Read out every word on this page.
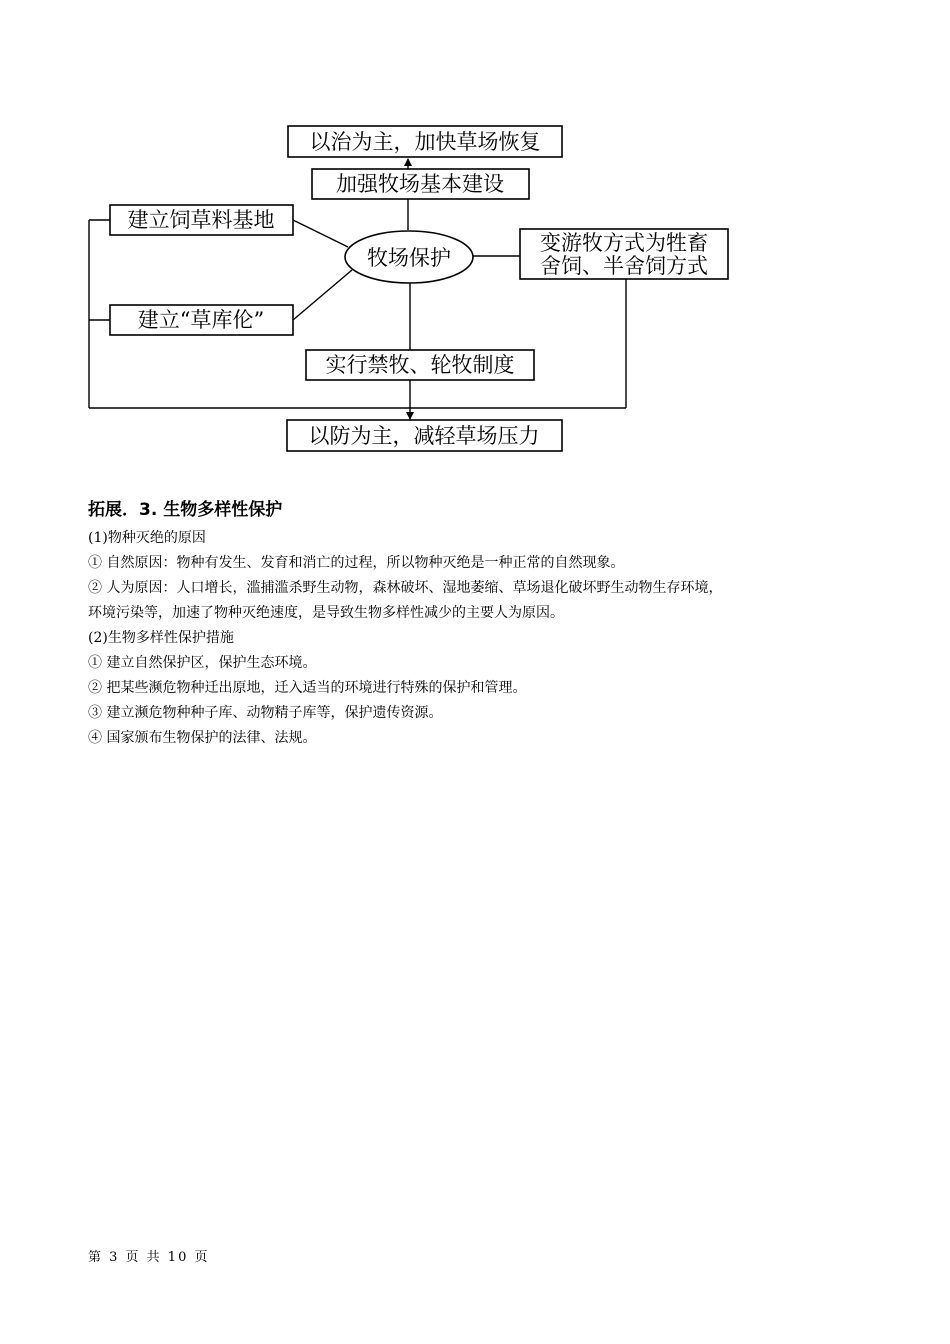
以治为主，加快草场恢复
加强牧场基本建设
建立饲草料基地
建立“草库伦”
牧场保护
变游牧方式为牲畜
舍饲、半舍饲方式
实行禁牧、轮牧制度
以防为主，减轻草场压力

拓展．3. 生物多样性保护

(1)物种灭绝的原因

① 自然原因：物种有发生、发育和消亡的过程，所以物种灭绝是一种正常的自然现象。

② 人为原因：人口增长，滥捕滥杀野生动物，森林破坏、湿地萎缩、草场退化破坏野生动物生存环境，

环境污染等，加速了物种灭绝速度，是导致生物多样性减少的主要人为原因。

(2)生物多样性保护措施

① 建立自然保护区，保护生态环境。

② 把某些濒危物种迁出原地，迁入适当的环境进行特殊的保护和管理。

③ 建立濒危物种种子库、动物精子库等，保护遗传资源。

④ 国家颁布生物保护的法律、法规。

第 3 页 共 10 页
